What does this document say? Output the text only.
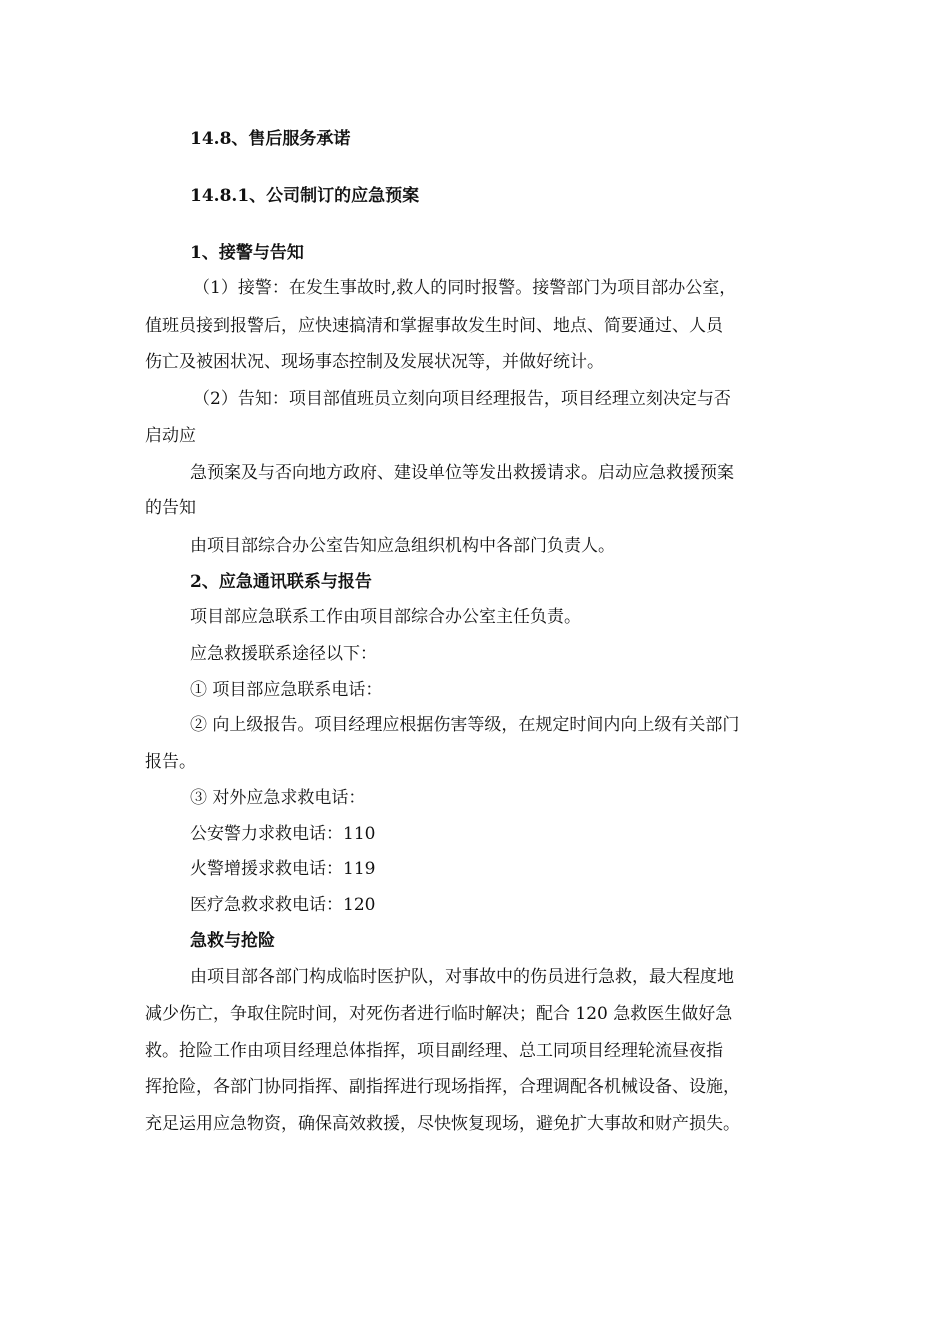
14.8、售后服务承诺
14.8.1、公司制订的应急预案
1、接警与告知
（1）接警：在发生事故时,救人的同时报警。接警部门为项目部办公室，
值班员接到报警后，应快速搞清和掌握事故发生时间、地点、简要通过、人员
伤亡及被困状况、现场事态控制及发展状况等，并做好统计。
（2）告知：项目部值班员立刻向项目经理报告，项目经理立刻决定与否
启动应
急预案及与否向地方政府、建设单位等发出救援请求。启动应急救援预案
的告知
由项目部综合办公室告知应急组织机构中各部门负责人。
2、应急通讯联系与报告
项目部应急联系工作由项目部综合办公室主任负责。
应急救援联系途径以下：
① 项目部应急联系电话：
② 向上级报告。项目经理应根据伤害等级，在规定时间内向上级有关部门
报告。
③ 对外应急求救电话：
公安警力求救电话：110
火警增援求救电话：119
医疗急救求救电话：120
急救与抢险
由项目部各部门构成临时医护队，对事故中的伤员进行急救，最大程度地
减少伤亡，争取住院时间，对死伤者进行临时解决；配合 120 急救医生做好急
救。抢险工作由项目经理总体指挥，项目副经理、总工同项目经理轮流昼夜指
挥抢险，各部门协同指挥、副指挥进行现场指挥，合理调配各机械设备、设施，
充足运用应急物资，确保高效救援，尽快恢复现场，避免扩大事故和财产损失。
